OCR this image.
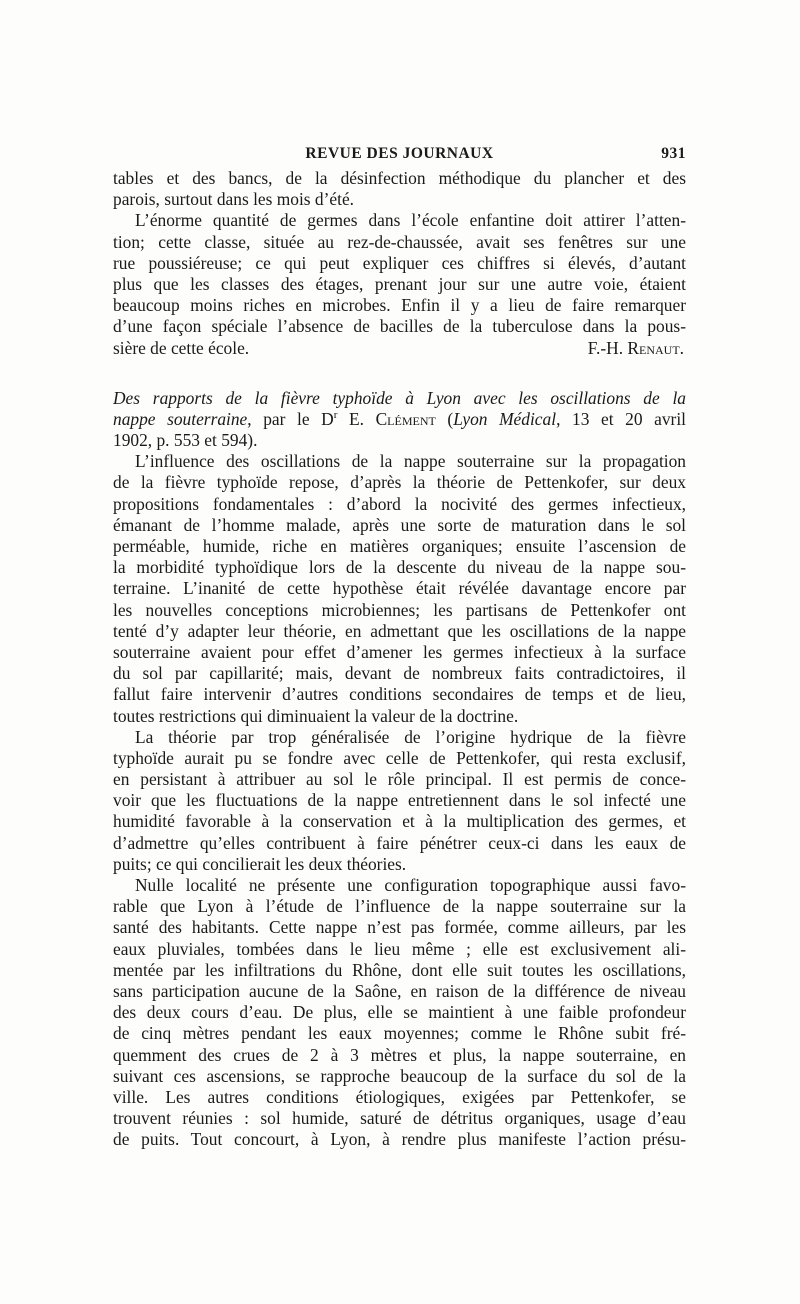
REVUE DES JOURNAUX	931
tables et des bancs, de la désinfection méthodique du plancher et des
parois, surtout dans les mois d’été.
L’énorme quantité de germes dans l’école enfantine doit attirer l’atten-
tion; cette classe, située au rez-de-chaussée, avait ses fenêtres sur une
rue poussiéreuse; ce qui peut expliquer ces chiffres si élevés, d’autant
plus que les classes des étages, prenant jour sur une autre voie, étaient
beaucoup moins riches en microbes. Enfin il y a lieu de faire remarquer
d’une façon spéciale l’absence de bacilles de la tuberculose dans la pous-
sière de cette école.	F.-H. Renaut.
Des rapports de la fièvre typhoïde à Lyon avec les oscillations de la
nappe souterraine, par le $D^r$ E. Clément (Lyon Médical, 13 et 20 avril
1902, p. 553 et 594).
L’influence des oscillations de la nappe souterraine sur la propagation
de la fièvre typhoïde repose, d’après la théorie de Pettenkofer, sur deux
propositions fondamentales : d’abord la nocivité des germes infectieux,
émanant de l’homme malade, après une sorte de maturation dans le sol
perméable, humide, riche en matières organiques; ensuite l’ascension de
la morbidité typhoïdique lors de la descente du niveau de la nappe sou-
terraine. L’inanité de cette hypothèse était révélée davantage encore par
les nouvelles conceptions microbiennes; les partisans de Pettenkofer ont
tenté d’y adapter leur théorie, en admettant que les oscillations de la nappe
souterraine avaient pour effet d’amener les germes infectieux à la surface
du sol par capillarité; mais, devant de nombreux faits contradictoires, il
fallut faire intervenir d’autres conditions secondaires de temps et de lieu,
toutes restrictions qui diminuaient la valeur de la doctrine.
La théorie par trop généralisée de l’origine hydrique de la fièvre
typhoïde aurait pu se fondre avec celle de Pettenkofer, qui resta exclusif,
en persistant à attribuer au sol le rôle principal. Il est permis de conce-
voir que les fluctuations de la nappe entretiennent dans le sol infecté une
humidité favorable à la conservation et à la multiplication des germes, et
d’admettre qu’elles contribuent à faire pénétrer ceux-ci dans les eaux de
puits; ce qui concilierait les deux théories.
Nulle localité ne présente une configuration topographique aussi favo-
rable que Lyon à l’étude de l’influence de la nappe souterraine sur la
santé des habitants. Cette nappe n’est pas formée, comme ailleurs, par les
eaux pluviales, tombées dans le lieu même ; elle est exclusivement ali-
mentée par les infiltrations du Rhône, dont elle suit toutes les oscillations,
sans participation aucune de la Saône, en raison de la différence de niveau
des deux cours d’eau. De plus, elle se maintient à une faible profondeur
de cinq mètres pendant les eaux moyennes; comme le Rhône subit fré-
quemment des crues de 2 à 3 mètres et plus, la nappe souterraine, en
suivant ces ascensions, se rapproche beaucoup de la surface du sol de la
ville. Les autres conditions étiologiques, exigées par Pettenkofer, se
trouvent réunies : sol humide, saturé de détritus organiques, usage d’eau
de puits. Tout concourt, à Lyon, à rendre plus manifeste l’action présu-
